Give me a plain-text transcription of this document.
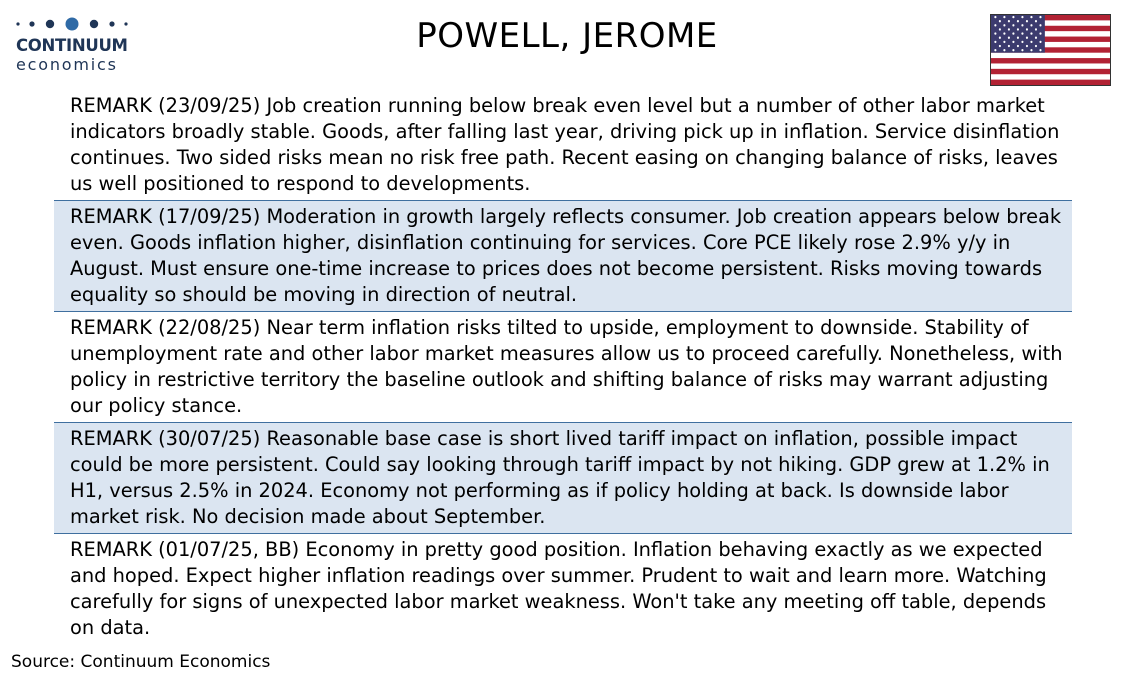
CONTINUUM
economics
POWELL, JEROME
REMARK (23/09/25) Job creation running below break even level but a number of other labor market indicators broadly stable. Goods, after falling last year, driving pick up in inflation. Service disinflation continues. Two sided risks mean no risk free path. Recent easing on changing balance of risks, leaves us well positioned to respond to developments.
REMARK (17/09/25) Moderation in growth largely reflects consumer. Job creation appears below break even. Goods inflation higher, disinflation continuing for services. Core PCE likely rose 2.9% y/y in August. Must ensure one-time increase to prices does not become persistent. Risks moving towards equality so should be moving in direction of neutral.
REMARK (22/08/25) Near term inflation risks tilted to upside, employment to downside. Stability of unemployment rate and other labor market measures allow us to proceed carefully. Nonetheless, with policy in restrictive territory the baseline outlook and shifting balance of risks may warrant adjusting our policy stance.
REMARK (30/07/25) Reasonable base case is short lived tariff impact on inflation, possible impact could be more persistent. Could say looking through tariff impact by not hiking. GDP grew at 1.2% in H1, versus 2.5% in 2024. Economy not performing as if policy holding at back. Is downside labor market risk. No decision made about September.
REMARK (01/07/25, BB) Economy in pretty good position. Inflation behaving exactly as we expected and hoped. Expect higher inflation readings over summer. Prudent to wait and learn more. Watching carefully for signs of unexpected labor market weakness. Won't take any meeting off table, depends on data.
Source: Continuum Economics
